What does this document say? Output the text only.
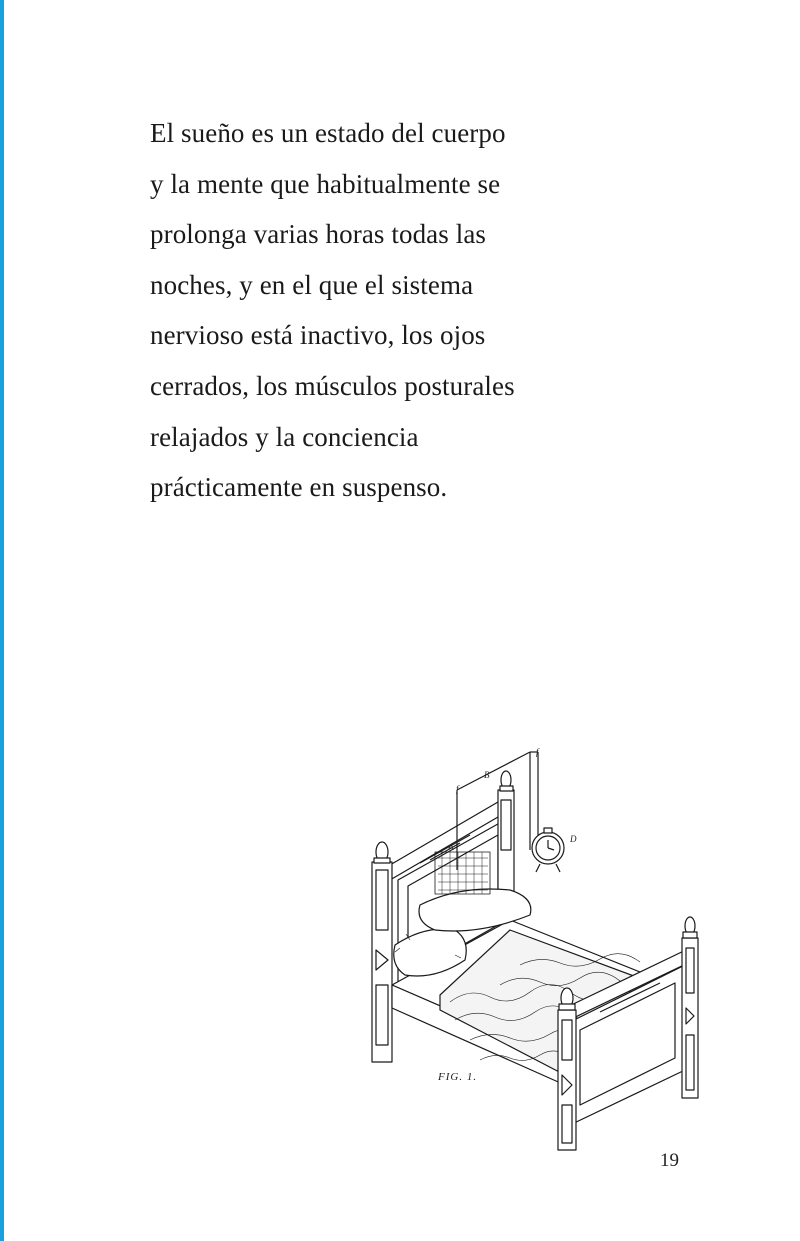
El sueño es un estado del cuerpo
y la mente que habitualmente se
prolonga varias horas todas las
noches, y en el que el sistema
nervioso está inactivo, los ojos
cerrados, los músculos posturales
relajados y la conciencia
prácticamente en suspenso.
f
B
f
D
A
FIG. 1.
19
